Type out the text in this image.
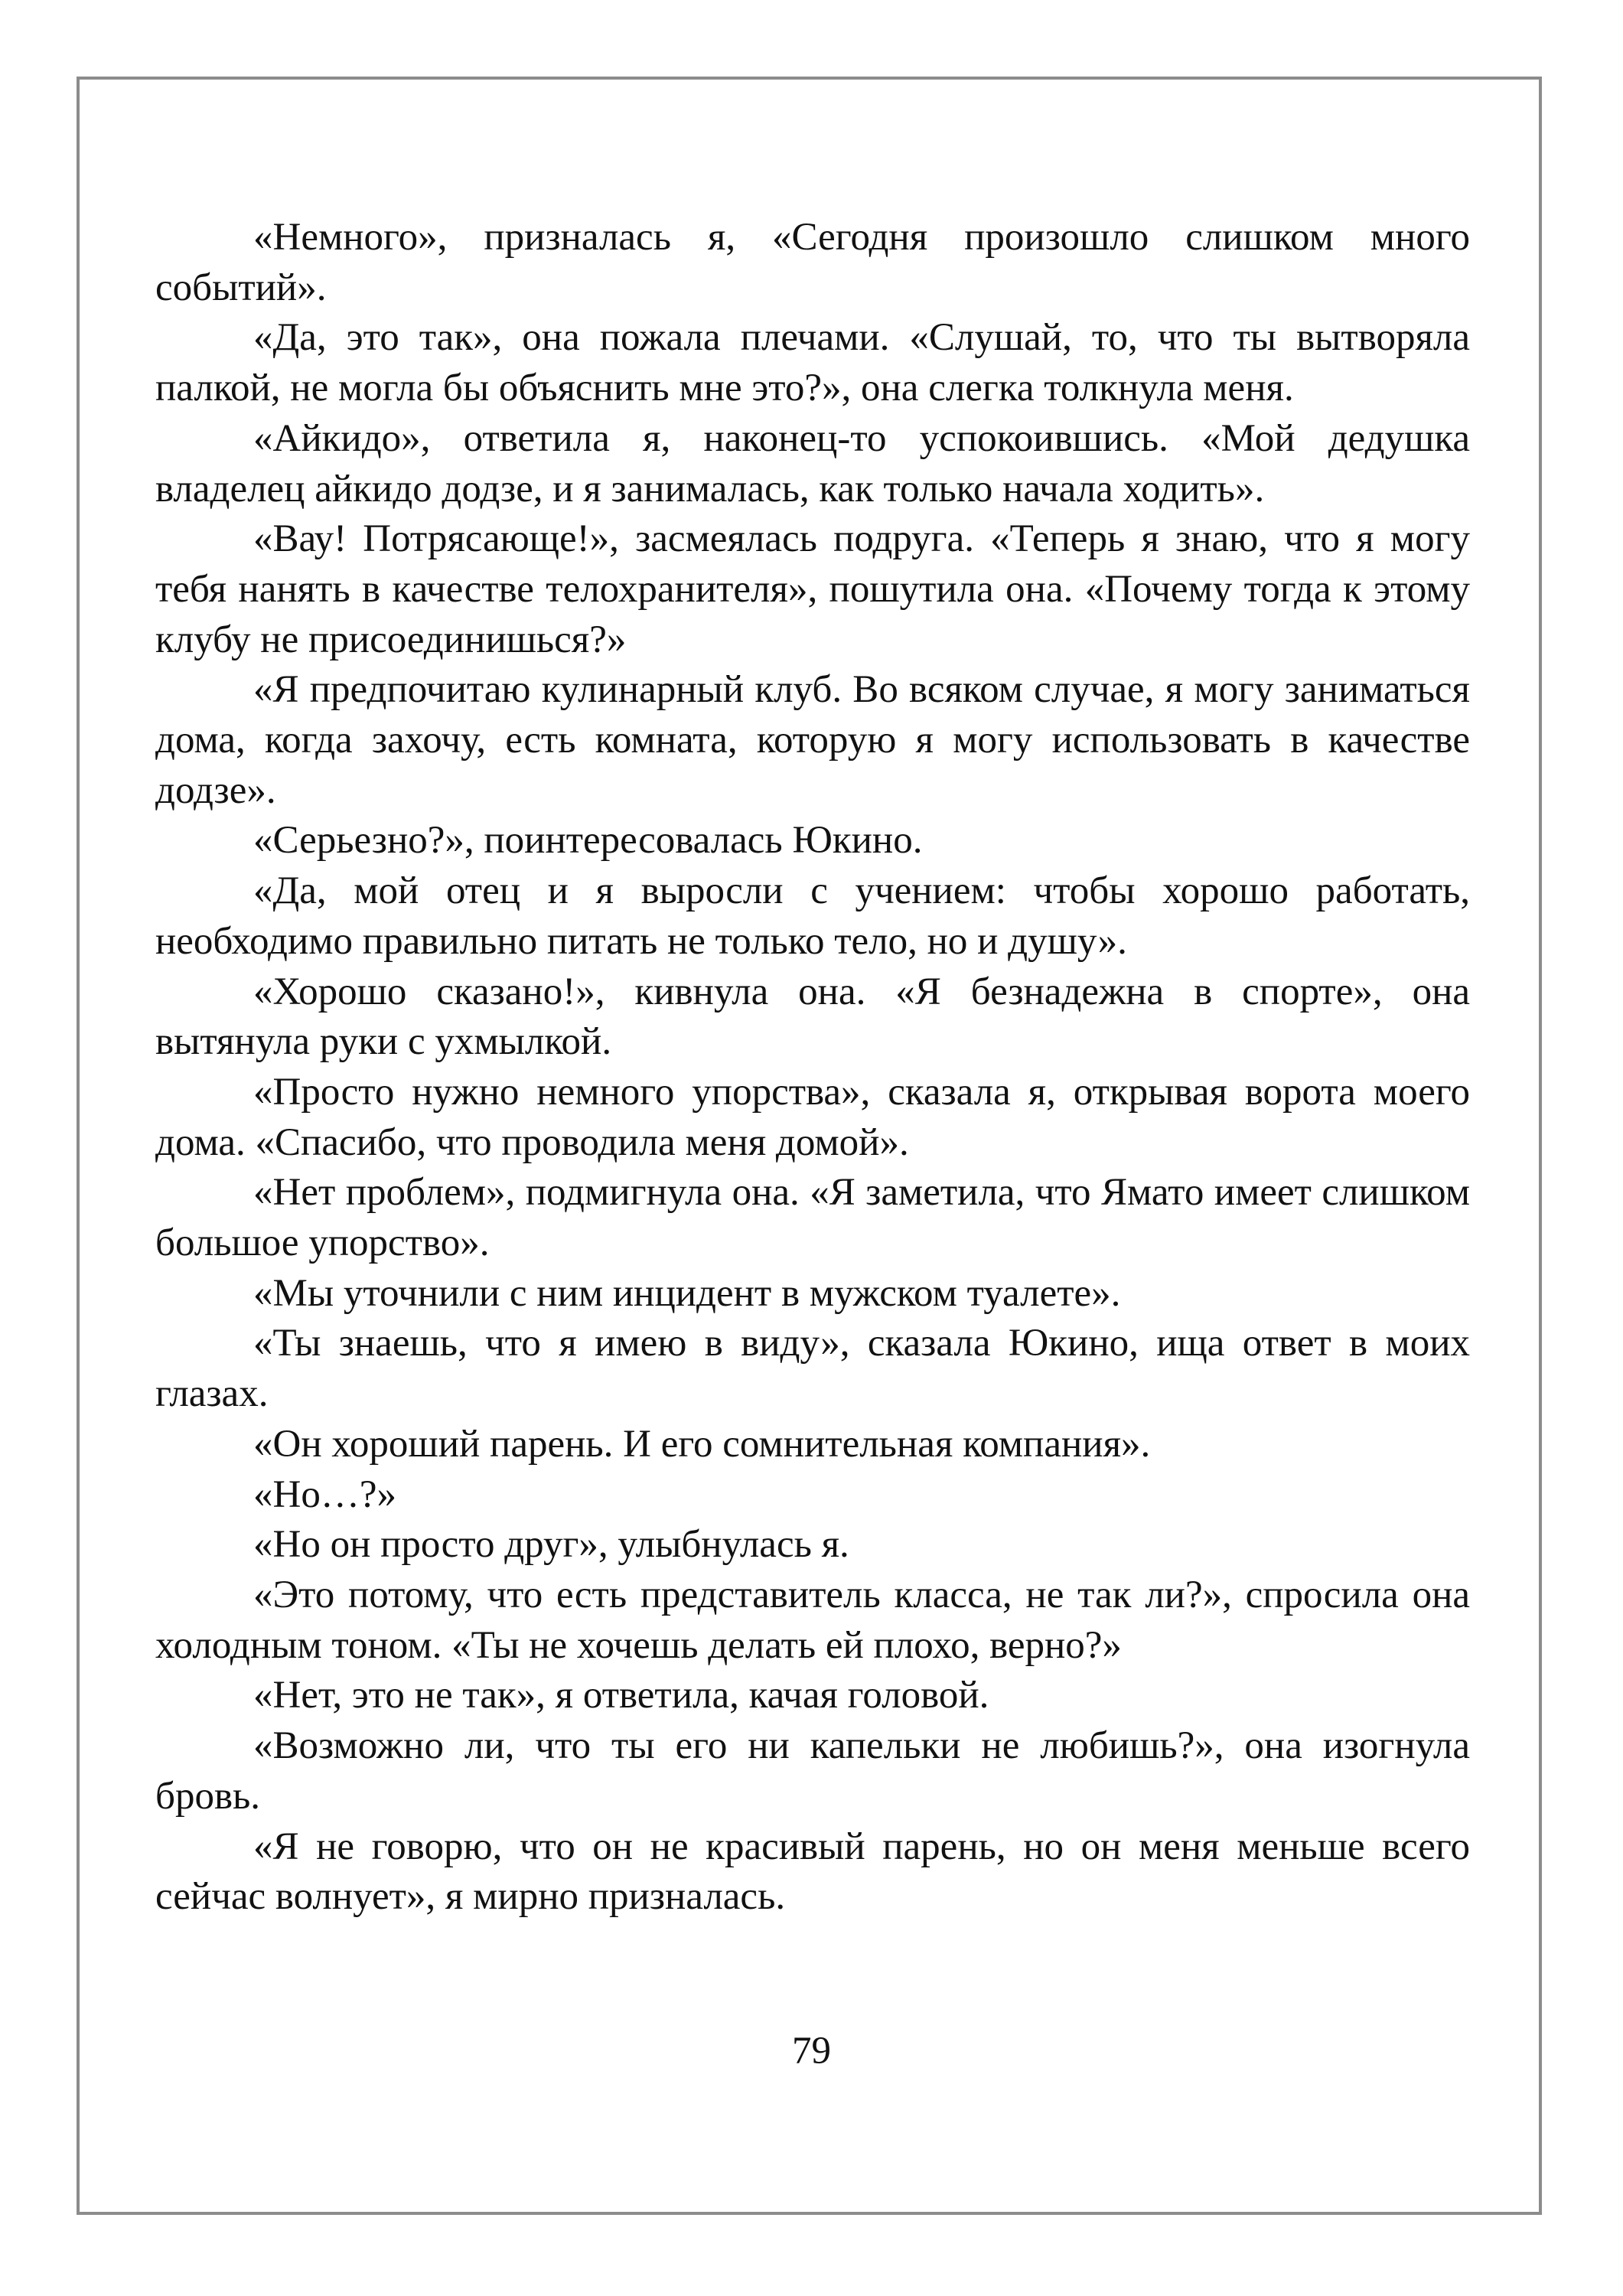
«Немного», призналась я, «Сегодня произошло слишком много событий».

«Да, это так», она пожала плечами. «Слушай, то, что ты вытворяла палкой, не могла бы объяснить мне это?», она слегка толкнула меня.

«Айкидо», ответила я, наконец-то успокоившись. «Мой дедушка владелец айкидо додзе, и я занималась, как только начала ходить».

«Вау! Потрясающе!», засмеялась подруга. «Теперь я знаю, что я могу тебя нанять в качестве телохранителя», пошутила она. «Почему тогда к этому клубу не присоединишься?»

«Я предпочитаю кулинарный клуб. Во всяком случае, я могу заниматься дома, когда захочу, есть комната, которую я могу использовать в качестве додзе».

«Серьезно?», поинтересовалась Юкино.

«Да, мой отец и я выросли с учением: чтобы хорошо работать, необходимо правильно питать не только тело, но и душу».

«Хорошо сказано!», кивнула она. «Я безнадежна в спорте», она вытянула руки с ухмылкой.

«Просто нужно немного упорства», сказала я, открывая ворота моего дома. «Спасибо, что проводила меня домой».

«Нет проблем», подмигнула она. «Я заметила, что Ямато имеет слишком большое упорство».

«Мы уточнили с ним инцидент в мужском туалете».

«Ты знаешь, что я имею в виду», сказала Юкино, ища ответ в моих глазах.

«Он хороший парень. И его сомнительная компания».

«Но…?»

«Но он просто друг», улыбнулась я.

«Это потому, что есть представитель класса, не так ли?», спросила она холодным тоном. «Ты не хочешь делать ей плохо, верно?»

«Нет, это не так», я ответила, качая головой.

«Возможно ли, что ты его ни капельки не любишь?», она изогнула бровь.

«Я не говорю, что он не красивый парень, но он меня меньше всего сейчас волнует», я мирно призналась.

79
